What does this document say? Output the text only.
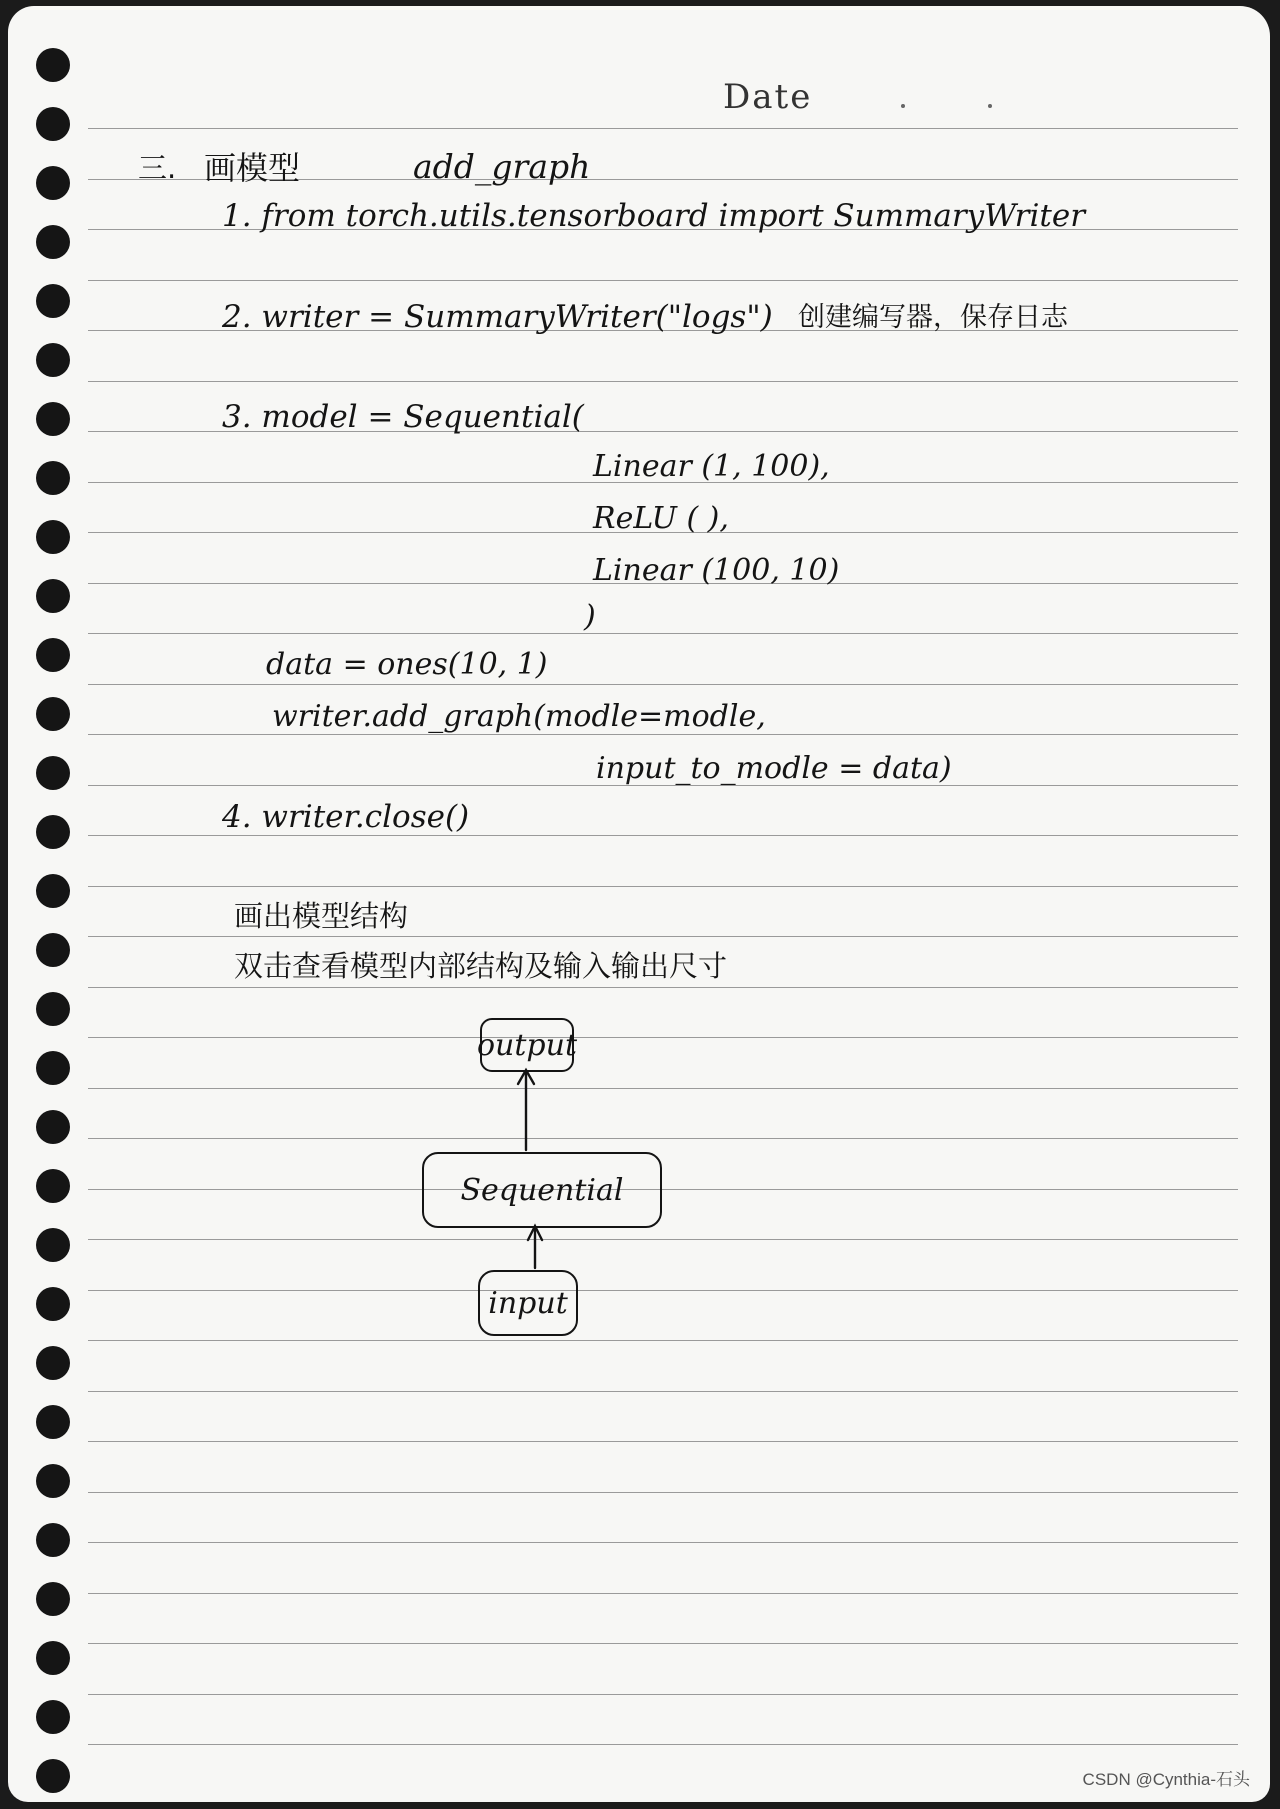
Date
三. 画模型	add_graph
1. from torch.utils.tensorboard import SummaryWriter
2. writer = SummaryWriter("logs") 创建编写器，保存日志
3. model = Sequential(
Linear (1, 100),
ReLU ( ),
Linear (100, 10)
)
data = ones(10, 1)
writer.add_graph(modle=modle,
input_to_modle = data)
4. writer.close()
画出模型结构
双击查看模型内部结构及输入输出尺寸
output
Sequential
input
CSDN @Cynthia-石头
